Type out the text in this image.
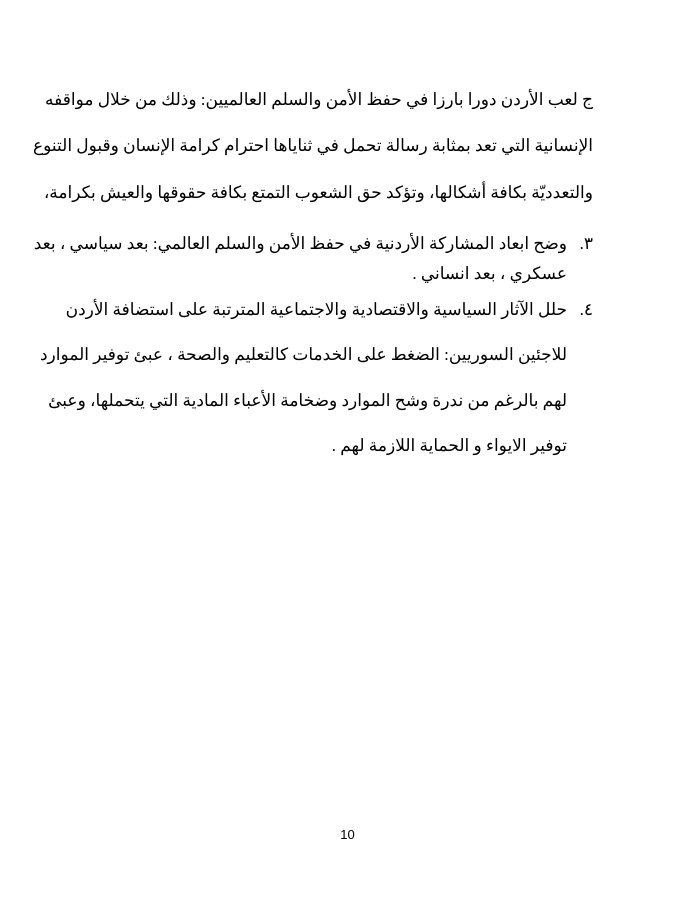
ج لعب الأردن دورا بارزا في حفظ الأمن والسلم العالميين: وذلك من خلال مواقفه
الإنسانية التي تعد بمثابة رسالة تحمل في ثناياها احترام كرامة الإنسان وقبول التنوع
والتعدديّة بكافة أشكالها، وتؤكد حق الشعوب التمتع بكافة حقوقها والعيش بكرامة،
٣.
وضح ابعاد المشاركة الأردنية في حفظ الأمن والسلم العالمي: بعد سياسي ، بعد
عسكري ، بعد انساني .
٤.
حلل الآثار السياسية والاقتصادية والاجتماعية المترتبة على استضافة الأردن
للاجئين السوريين: الضغط على الخدمات كالتعليم والصحة ، عبئ توفير الموارد
لهم بالرغم من ندرة وشح الموارد وضخامة الأعباء المادية التي يتحملها، وعبئ
توفير الايواء و الحماية اللازمة لهم .
10
